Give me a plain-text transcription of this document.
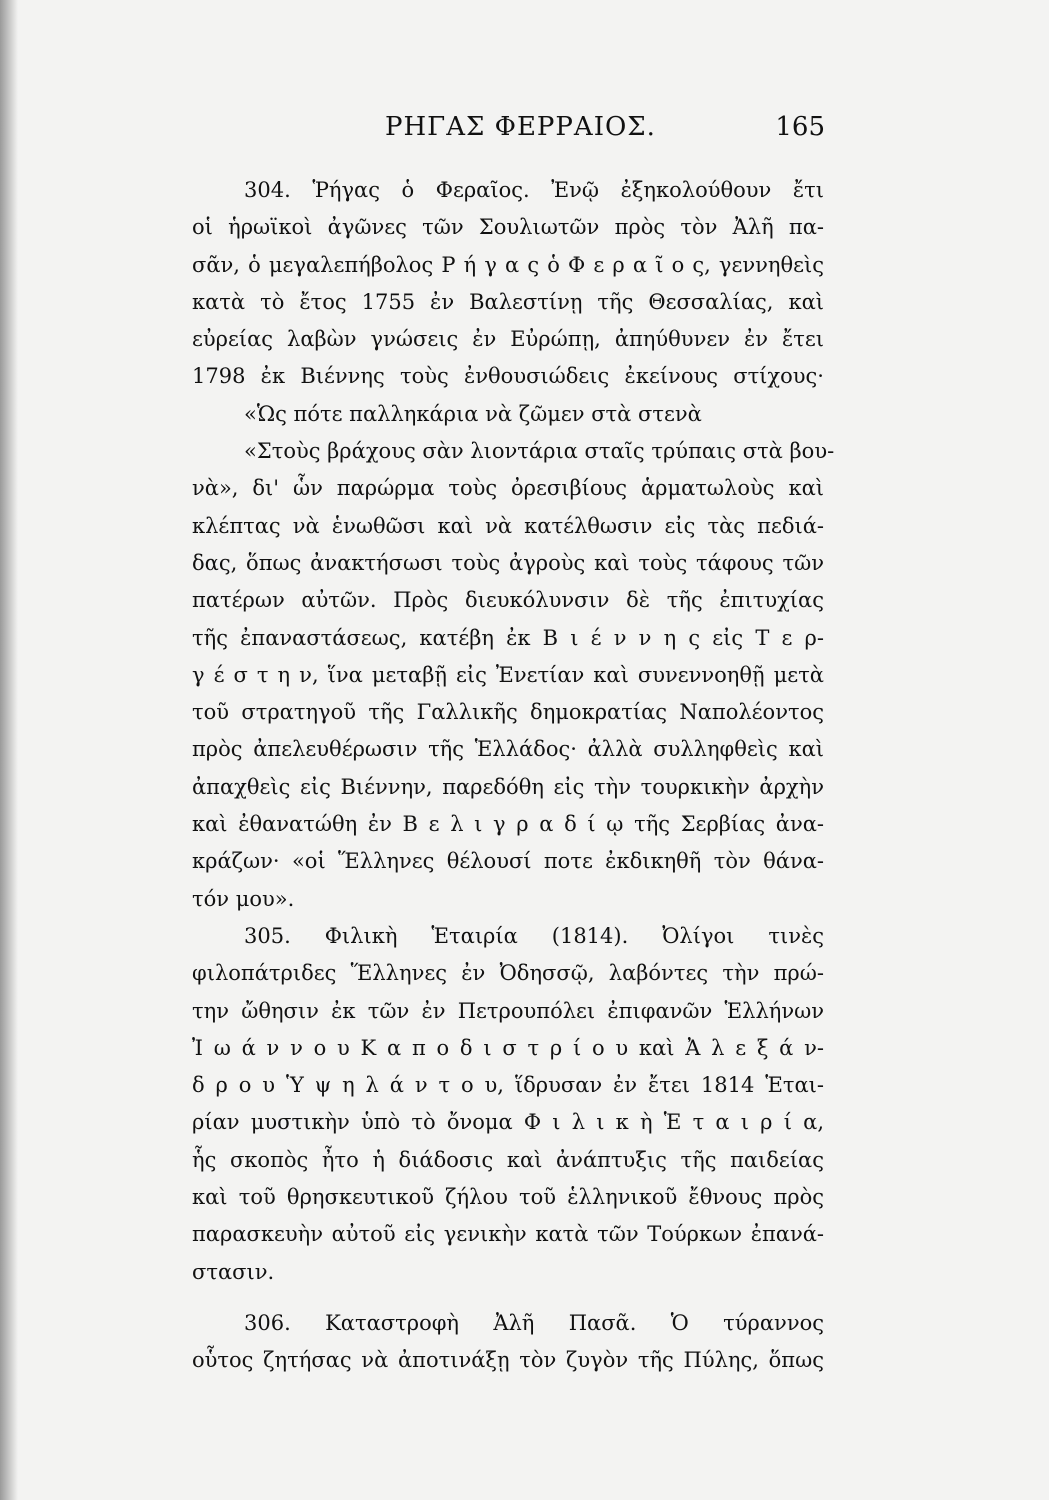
ΡΗΓΑΣ ΦΕΡΡΑΙΟΣ.	165
304. Ῥήγας ὁ Φεραῖος. Ἐνῷ ἐξηκολούθουν ἔτι
οἱ ἡρωϊκοὶ ἀγῶνες τῶν Σουλιωτῶν πρὸς τὸν Ἀλῆ πα-
σᾶν, ὁ μεγαλεπήβολος Ρ ή γ α ς ὁ Φ ε ρ α ῖ ο ς, γεννηθεὶς
κατὰ τὸ ἔτος 1755 ἐν Βαλεστίνῃ τῆς Θεσσαλίας, καὶ
εὐρείας λαβὼν γνώσεις ἐν Εὐρώπῃ, ἀπηύθυνεν ἐν ἔτει
1798 ἐκ Βιέννης τοὺς ἐνθουσιώδεις ἐκείνους στίχους·
«Ὡς πότε παλληκάρια νὰ ζῶμεν στὰ στενὰ
«Στοὺς βράχους σὰν λιοντάρια σταῖς τρύπαις στὰ βου-
νὰ», δι' ὧν παρώρμα τοὺς ὀρεσιβίους ἁρματωλοὺς καὶ
κλέπτας νὰ ἑνωθῶσι καὶ νὰ κατέλθωσιν εἰς τὰς πεδιά-
δας, ὅπως ἀνακτήσωσι τοὺς ἀγροὺς καὶ τοὺς τάφους τῶν
πατέρων αὐτῶν. Πρὸς διευκόλυνσιν δὲ τῆς ἐπιτυχίας
τῆς ἐπαναστάσεως, κατέβη ἐκ Β ι έ ν ν η ς εἰς Τ ε ρ-
γ έ σ τ η ν, ἵνα μεταβῇ εἰς Ἐνετίαν καὶ συνεννοηθῇ μετὰ
τοῦ στρατηγοῦ τῆς Γαλλικῆς δημοκρατίας Ναπολέοντος
πρὸς ἀπελευθέρωσιν τῆς Ἑλλάδος· ἀλλὰ συλληφθεὶς καὶ
ἀπαχθεὶς εἰς Βιέννην, παρεδόθη εἰς τὴν τουρκικὴν ἀρχὴν
καὶ ἐθανατώθη ἐν Β ε λ ι γ ρ α δ ί ῳ τῆς Σερβίας ἀνα-
κράζων· «οἱ Ἕλληνες θέλουσί ποτε ἐκδικηθῆ τὸν θάνα-
τόν μου».
305. Φιλικὴ Ἑταιρία (1814). Ὀλίγοι τινὲς
φιλοπάτριδες Ἕλληνες ἐν Ὀδησσῷ, λαβόντες τὴν πρώ-
την ὤθησιν ἐκ τῶν ἐν Πετρουπόλει ἐπιφανῶν Ἑλλήνων
Ἰ ω ά ν ν ο υ Κ α π ο δ ι σ τ ρ ί ο υ καὶ Ἀ λ ε ξ ά ν-
δ ρ ο υ Ὑ ψ η λ ά ν τ ο υ, ἵδρυσαν ἐν ἔτει 1814 Ἑται-
ρίαν μυστικὴν ὑπὸ τὸ ὄνομα Φ ι λ ι κ ὴ Ἑ τ α ι ρ ί α,
ἧς σκοπὸς ἦτο ἡ διάδοσις καὶ ἀνάπτυξις τῆς παιδείας
καὶ τοῦ θρησκευτικοῦ ζήλου τοῦ ἑλληνικοῦ ἔθνους πρὸς
παρασκευὴν αὐτοῦ εἰς γενικὴν κατὰ τῶν Τούρκων ἐπανά-
στασιν.
306. Καταστροφὴ Ἀλῆ Πασᾶ. Ὁ τύραννος
οὗτος ζητήσας νὰ ἀποτινάξῃ τὸν ζυγὸν τῆς Πύλης, ὅπως
